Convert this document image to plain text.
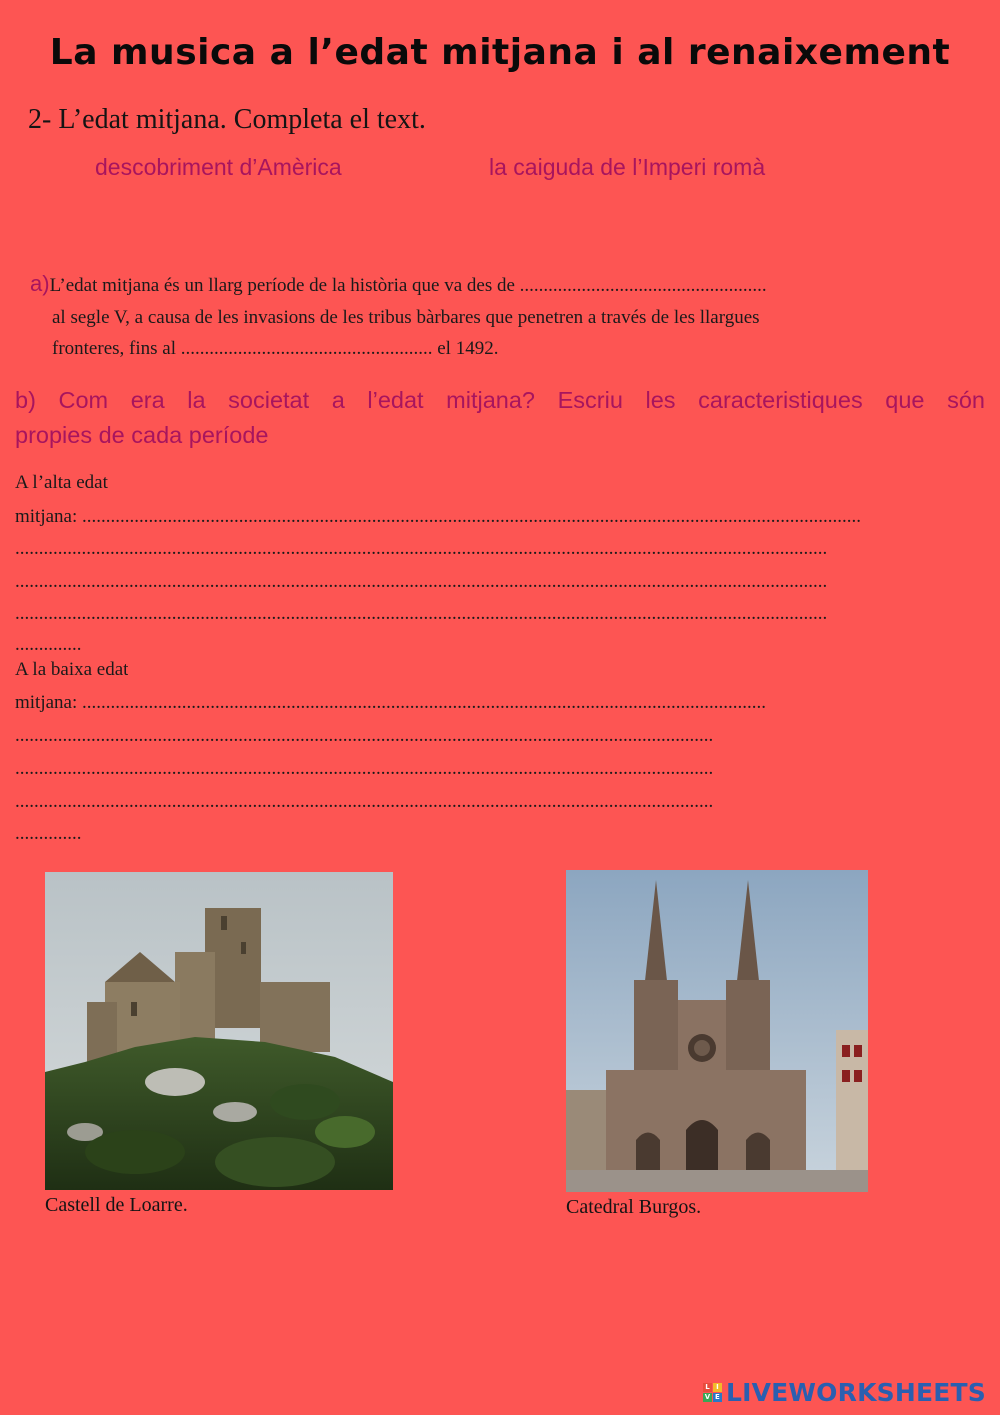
La musica a l’edat mitjana i al renaixement
2- L’edat mitjana. Completa el text.
descobriment d’Amèrica	la caiguda de l’Imperi romà
a)L’edat mitjana és un llarg període de la història que va des de ....................................................
al segle V, a causa de les invasions de les tribus bàrbares que penetren a través de les llargues
fronteres, fins al ..................................................... el 1492.
b) Com era la societat a l’edat mitjana? Escriu les caracteristiques que són
propies de cada període
A l’alta edat
mitjana: ....................................................................................................................................................................
...........................................................................................................................................................................
...........................................................................................................................................................................
...........................................................................................................................................................................
..............
A la baixa edat
mitjana: ................................................................................................................................................
...................................................................................................................................................
...................................................................................................................................................
...................................................................................................................................................
..............
Castell de Loarre.	Catedral Burgos.
L I
V E LIVEWORKSHEETS
